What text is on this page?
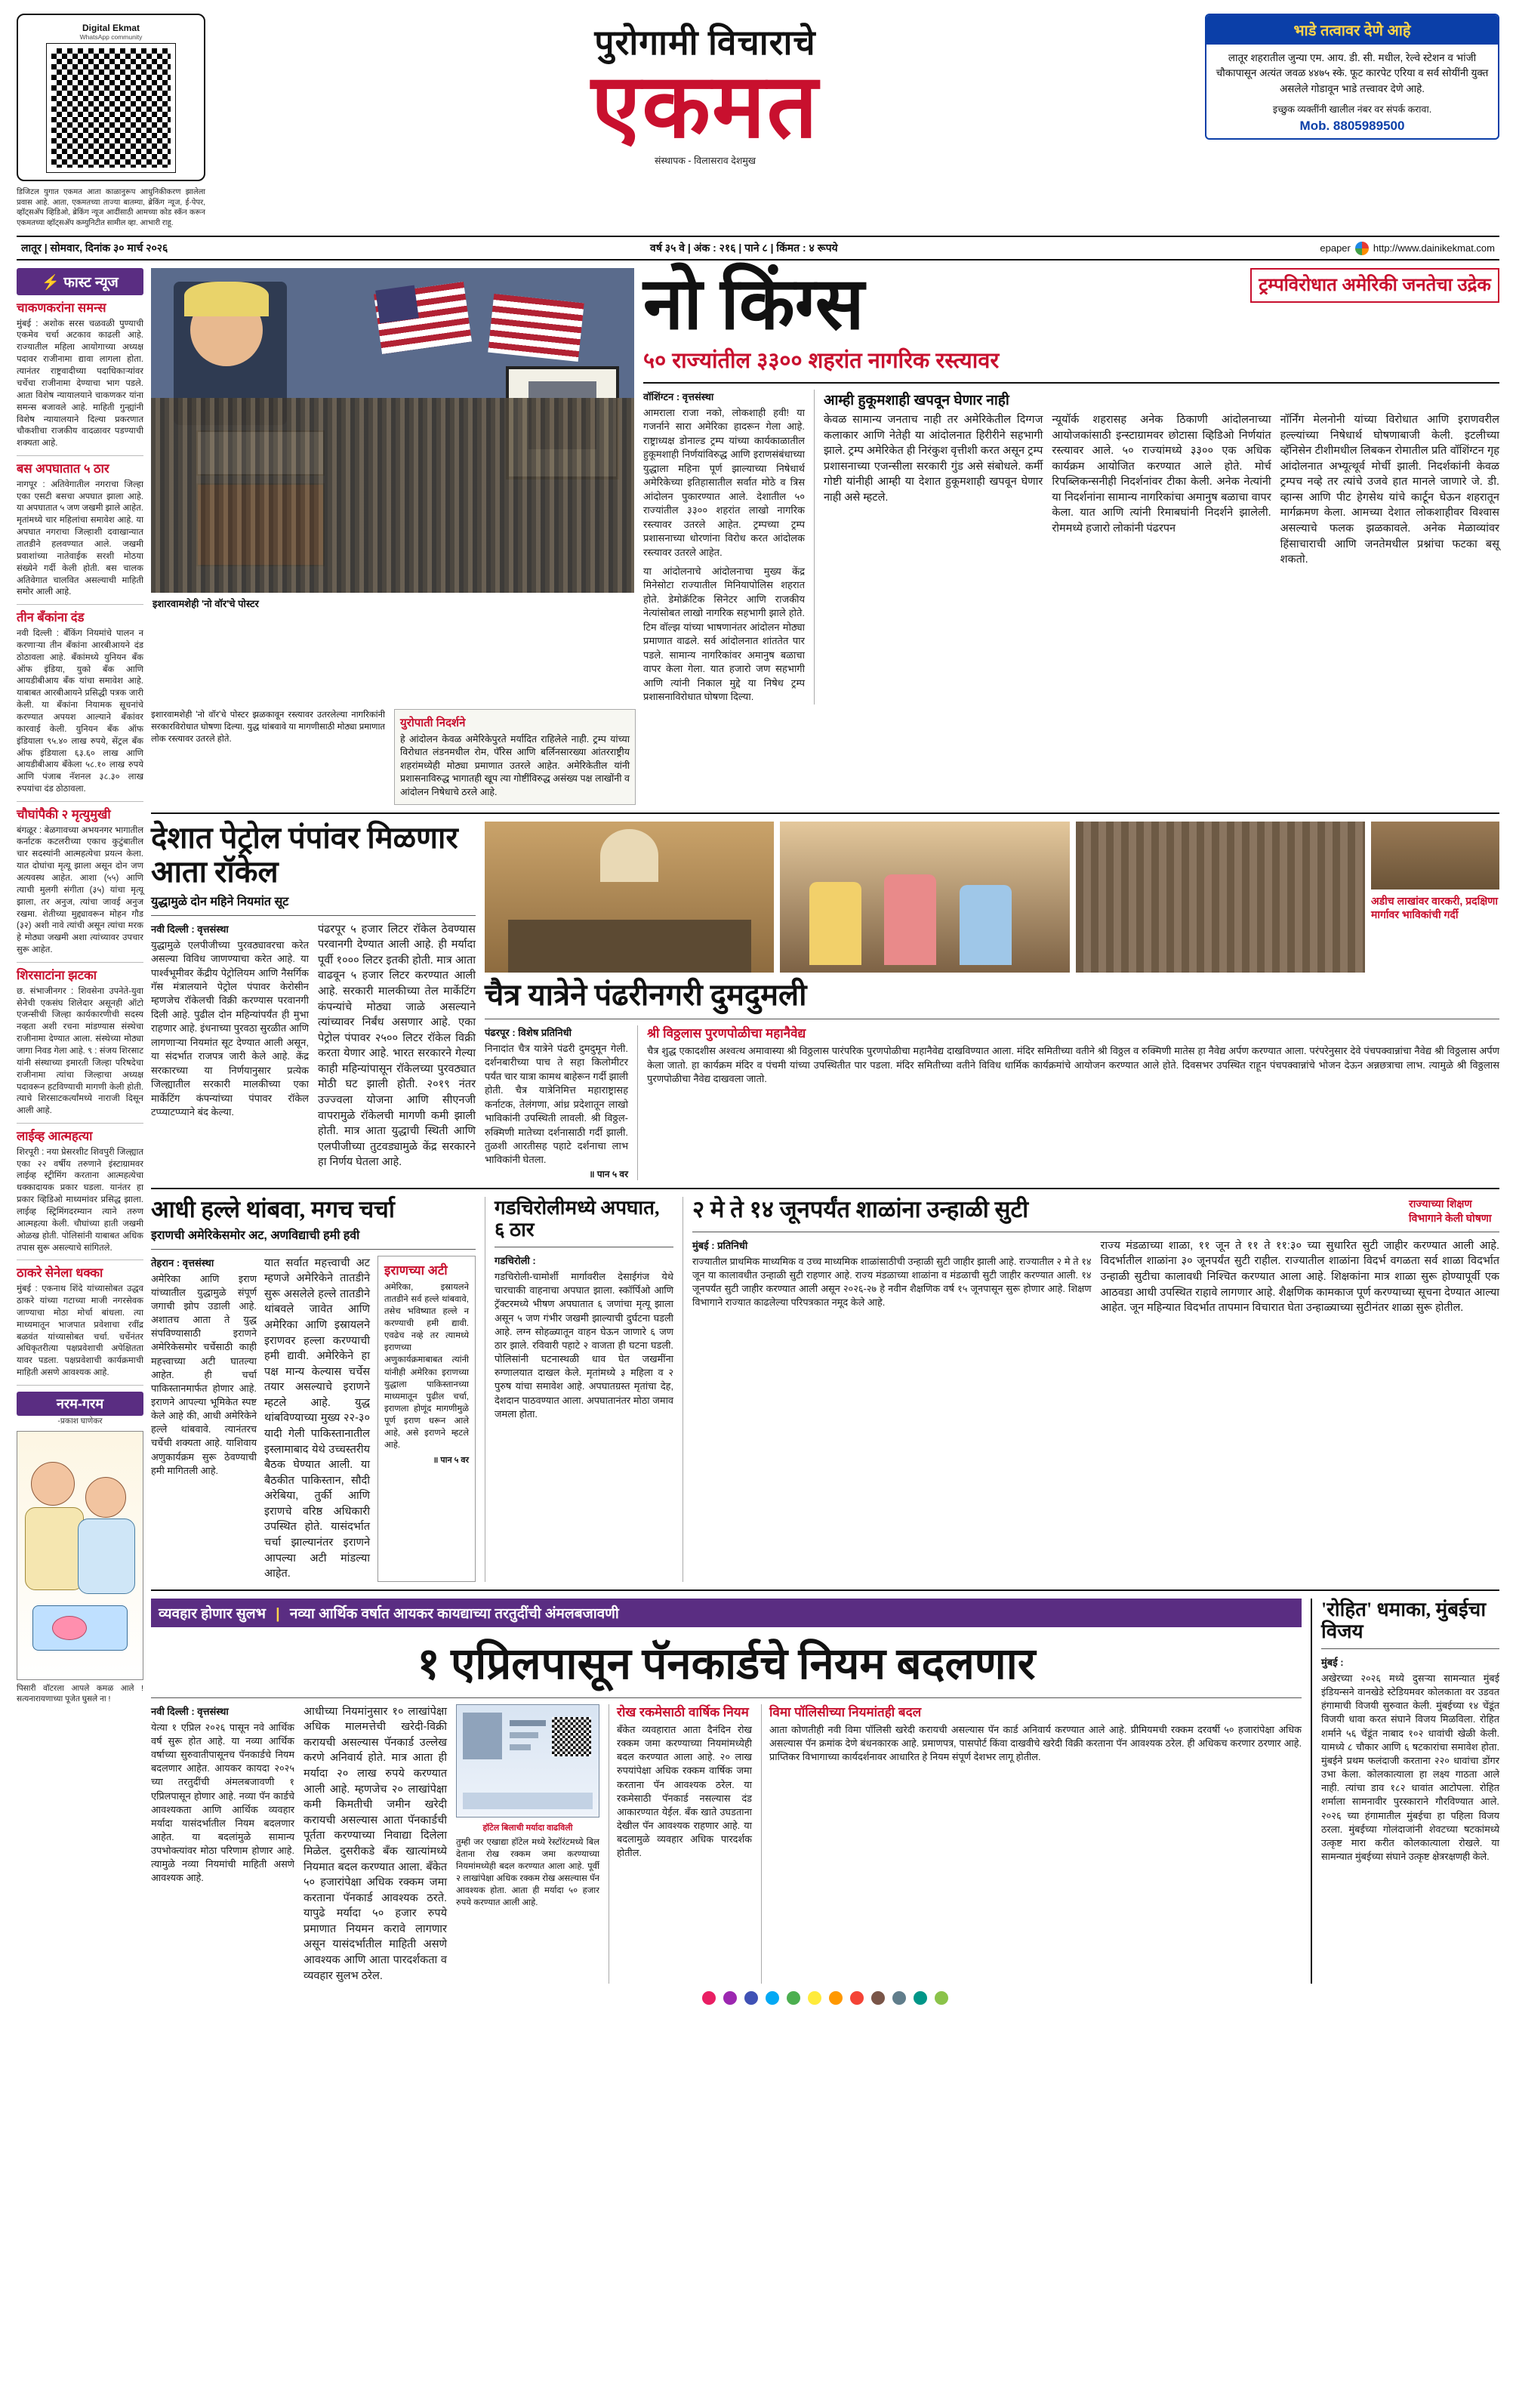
Digital Ekmat
WhatsApp community
डिजिटल युगात एकमत आता काळानुरूप आधुनिकीकरण झालेला प्रवास आहे. आता, एकमतच्या ताज्या बातम्या, ब्रेकिंग न्यूज, ई-पेपर, व्हॉट्सअ‍ॅप व्हिडिओ, ब्रेकिंग न्यूज आदींसाठी आमच्या कोड स्कॅन करून एकमतच्या व्हॉट्सअ‍ॅप कम्युनिटीत सामील व्हा. आभारी राहू.
पुरोगामी विचाराचे
एकमत
संस्थापक - विलासराव देशमुख
भाडे तत्वावर देणे आहे
लातूर शहरातील जुन्या एम. आय. डी. सी. मधील, रेल्वे स्टेशन व भांजी चौकापासून अत्यंत जवळ ४४७५ स्के. फूट कारपेट एरिया व सर्व सोयींनी युक्त असलेले गोडावून भाडे तत्त्वावर देणे आहे.
इच्छुक व्यक्तींनी खालील नंबर वर संपर्क करावा.
Mob. 8805989500
लातूर | सोमवार, दिनांक ३० मार्च २०२६	वर्ष ३५ वे | अंक : २१६ | पाने ८ | किंमत : ४ रूपये	epaper http://www.dainikekmat.com
⚡ फास्ट न्यूज
चाकणकरांना समन्स
मुंबई : अशोक सरस चळवळी पुण्याची एकमेव चर्चा अटकाव काढली आहे. राज्यातील महिला आयोगाच्या अध्यक्ष पदावर राजीनामा द्यावा लागला होता. त्यानंतर राष्ट्रवादीच्या पदाधिकार्‍यांवर चर्चेचा राजीनामा देण्याचा भाग पडले. आता विशेष न्यायालयाने चाकणकर यांना समन्स बजावले आहे. माहिती गुन्ह्यांनी विशेष न्यायालयाने दिल्या प्रकरणात चौकशीचा राजकीय वादळावर पडण्याची शक्यता आहे.
बस अपघातात ५ ठार
नागपूर : अतिवेगातील नगराचा जिल्हा एका एसटी बसचा अपघात झाला आहे. या अपघातात ५ जण जखमी झाले आहेत. मृतांमध्ये चार महिलांचा समावेश आहे. या अपघात नगराचा जिल्हाशी दवाखान्यात तातडीने हलवण्यात आले. जखमी प्रवाशांच्या नातेवाईक सरशी मोठया संख्येने गर्दी केली होती. बस चालक अतिवेगात चालवित असल्याची माहिती समोर आली आहे.
तीन बँकांना दंड
नवी दिल्ली : बँकिंग नियमांचे पालन न करणार्‍या तीन बँकांना आरबीआयने दंड ठोठावला आहे. बँकांमध्ये युनियन बँक ऑफ इंडिया, युको बँक आणि आयडीबीआय बँक यांचा समावेश आहे. याबाबत आरबीआयने प्रसिद्धी पत्रक जारी केली. या बँकांना नियामक सूचनांचे करण्यात अपयश आल्याने बँकांवर कारवाई केली. युनियन बँक ऑफ इंडियाला ९५.४० लाख रुपये, सेंट्रल बँक ऑफ इंडियाला ६३.६० लाख आणि आयडीबीआय बँकेला ५८.१० लाख रुपये आणि पंजाब नॅशनल ३८.३० लाख रुपयांचा दंड ठोठावला.
चौघांपैकी २ मृत्युमुखी
बंगळूर : बेळगावच्या अभयनगर भागातील कर्नाटक कटलरीच्या एकाच कुटुंबातील चार सदस्यांनी आत्महत्येचा प्रयत्न केला. यात दोघांचा मृत्यू झाला असून दोन जण अत्यवस्थ आहेत. आशा (५५) आणि त्याची मुलगी संगीता (३५) यांचा मृत्यू झाला, तर अनुज, त्यांचा जावई अनुज रखमा. शेतीच्या मुद्द्यावरून मोहन गौड (३२) अशी नावे त्यांची असून त्यांचा मरक हे मोठ्या जखमी अशा त्यांच्यावर उपचार सुरू आहेत.
शिरसाटांना झटका
छ. संभाजीनगर : शिवसेना उपनेते-युवा सेनेची एकसंघ शिलेदार असूनही ऑटो एजन्सीची जिल्हा कार्यकारणीची सदस्य नव्हता अशी रचना मांडण्यास संस्थेचा राजीनामा देण्यात आला. संस्थेच्या मोठ्या जागा निवड गेला आहे. ९ : संजय शिरसाट यांनी संस्थाच्या इमारती जिल्हा परिषदेचा राजीनामा त्यांचा जिल्हाचा अध्यक्ष पदावरून हटविण्याची मागणी केली होती. त्याचे शिरसाटकर्त्यांमध्ये नाराजी दिसून आली आहे.
लाईव्ह आत्महत्या
शिरपूरी : नया प्रेसरशीट शिवपुरी जिल्ह्यात एका २२ वर्षीय तरुणाने इंस्टाग्रामवर लाईव्ह स्ट्रीमिंग करताना आत्महत्येचा धक्कादायक प्रकार घडला. यानंतर हा प्रकार व्हिडिओ माध्यमांवर प्रसिद्ध झाला. लाईव्ह स्ट्रिमिंगदरम्यान त्याने तरुण आत्महत्या केली. चौघांच्या हाती जखमी ओळख होती. पोलिसांनी याबाबत अधिक तपास सुरू असल्याचे सांगितले.
ठाकरे सेनेला धक्का
मुंबई : एकनाथ शिंदे यांच्यासोबत उद्धव ठाकरे यांच्या गटाच्या माजी नगरसेवक जाण्याचा मोठा मोर्चा बांधला. त्या माध्यमातून भाजपात प्रवेशाचा रवींद्र बळवंत यांच्यासोबत चर्चा. चर्चेनंतर अधिकृतरीत्या पक्षप्रवेशाची अपेक्षितता यावर पडला. पक्षप्रवेशाची कार्यक्रमाची माहिती असणे आवश्यक आहे.
नरम-गरम
-प्रकाश घाणेकर
पिसारी वॉटरला आपले कमळ आले ! सत्यनारायणाच्या पूजेत घुसले ना !
इशारवामशेही 'नो वॉर'चे पोस्टर
ट्रम्पविरोधात अमेरिकी जनतेचा उद्रेक
नो किंग्स
५० राज्यांतील ३३०० शहरांत नागरिक रस्त्यावर
वॉशिंग्टन : वृत्तसंस्था
आमराला राजा नको, लोकशाही हवी! या गजर्नाने सारा अमेरिका हादरून गेला आहे. राष्ट्राध्यक्ष डोनाल्ड ट्रम्प यांच्या कार्यकाळातील हुकूमशाही निर्णयांविरुद्ध आणि इराणसंबंधाच्या युद्धाला महिना पूर्ण झाल्याच्या निषेधार्थ अमेरिकेच्या इतिहासातील सर्वात मोठे व त्रिस आंदोलन पुकारण्यात आले. देशातील ५० राज्यांतील ३३०० शहरांत लाखो नागरिक रस्त्यावर उतरले आहेत. ट्रम्पच्या ट्रम्प प्रशासनाच्या धोरणांना विरोध करत आंदोलक रस्त्यावर उतरले आहेत.
या आंदोलनाचे आंदोलनाचा मुख्य केंद्र मिनेसोटा राज्यातील मिनियापोलिस शहरात होते. डेमोक्रॅटिक सिनेटर आणि राजकीय नेत्यांसोबत लाखो नागरिक सहभागी झाले होते. टिम वॉल्झ यांच्या भाषणानंतर आंदोलन मोठ्या प्रमाणात वाढले. सर्व आंदोलनात शांततेत पार पडले. सामान्य नागरिकांवर अमानुष बळाचा वापर केला गेला. यात हजारो जण सहभागी आणि त्यांनी निकाल मुद्दे या निषेध ट्रम्प प्रशासनाविरोधात घोषणा दिल्या.
आम्ही हुकूमशाही खपवून घेणार नाही
केवळ सामान्य जनताच नाही तर अमेरिकेतील दिग्गज कलाकार आणि नेतेही या आंदोलनात हिरीरीने सहभागी झाले. ट्रम्प अमेरिकेत ही निरंकुश वृत्तीशी करत असून ट्रम्प प्रशासनाच्या एजन्सीला सरकारी गुंड असे संबोधले. कर्मी गोष्टी यांनीही आम्ही या देशात हुकूमशाही खपवून घेणार नाही असे म्हटले.
न्यूयॉर्क शहरासह अनेक ठिकाणी आंदोलनाच्या आयोजकांसाठी इन्स्टाग्रामवर छोटासा व्हिडिओ निर्णयांत रस्त्यावर आले. ५० राज्यांमध्ये ३३०० एक अधिक कार्यक्रम आयोजित करण्यात आले होते. मोर्च रिपब्लिकन्सनीही निदर्शनांवर टीका केली. अनेक नेत्यांनी या निदर्शनांना सामान्य नागरिकांचा अमानुष बळाचा वापर केला. यात आणि त्यांनी रिमाबघांनी निदर्शने झालेली. रोममध्ये हजारो लोकांनी पंढरपन
नॉर्निंग मेलनोनी यांच्या विरोधात आणि इराणवरील हल्ल्यांच्या निषेधार्थ घोषणाबाजी केली. इटलीच्या व्हॅनिसेन टीशीमधील लिबकन रोमातील प्रति वॉशिंग्टन गृह आंदोलनात अभ्यूत्थूर्व मोर्ची झाली. निदर्शकांनी केवळ ट्रम्पच नव्हे तर त्यांचे उजवे हात मानले जाणारे जे. डी. व्हान्स आणि पीट हेगसेथ यांचे कार्टून घेऊन शहरातून मार्गक्रमण केला. आमच्या देशात लोकशाहीवर विश्वास असल्याचे फलक झळकावले. अनेक मेळाव्यांवर हिंसाचाराची आणि जनतेमधील प्रश्नांचा फटका बसू शकतो.
इशारवामशेही 'नो वॉर'चे पोस्टर झळकावून रस्त्यावर उतरलेल्या नागरिकांनी सरकारविरोधात घोषणा दिल्या. युद्ध थांबवावे या मागणीसाठी मोठ्या प्रमाणात लोक रस्त्यावर उतरले होते.
युरोपाती निदर्शने
हे आंदोलन केवळ अमेरिकेपुरते मर्यादित राहिलेले नाही. ट्रम्प यांच्या विरोधात लंडनमधील रोम, पॅरिस आणि बर्लिनसारख्या आंतरराष्ट्रीय शहरांमध्येही मोठ्या प्रमाणात उतरले आहेत. अमेरिकेतील यांनी प्रशासनाविरुद्ध भागातही खूप त्या गोष्टींविरुद्ध असंख्य पक्ष लाखोंनी व आंदोलन निषेधाचे ठरले आहे.
देशात पेट्रोल पंपांवर मिळणार आता रॉकेल
युद्धामुळे दोन महिने नियमांत सूट
नवी दिल्ली : वृत्तसंस्था
युद्धामुळे एलपीजीच्या पुरवठ्यावरचा करेत असल्या विविध जाणण्याचा करेत आहे. या पार्श्वभूमीवर केंद्रीय पेट्रोलियम आणि नैसर्गिक गॅस मंत्रालयाने पेट्रोल पंपावर केरोसीन म्हणजेच रॉकेलची विक्री करण्यास परवानगी दिली आहे. पुढील दोन महिन्यांपर्यंत ही मुभा राहणार आहे. इंधनाच्या पुरवठा सुरळीत आणि लागणार्‍या नियमांत सूट देण्यात आली असून, या संदर्भात राजपत्र जारी केले आहे. केंद्र सरकारच्या या निर्णयानुसार प्रत्येक जिल्ह्यातील सरकारी मालकीच्या एका मार्केटिंग कंपन्यांच्या पंपावर रॉकेल टप्प्याटप्प्याने बंद केल्या.
पंढरपूर ५ हजार लिटर रॉकेल ठेवण्यास परवानगी देण्यात आली आहे. ही मर्यादा पूर्वी १००० लिटर इतकी होती. मात्र आता वाढवून ५ हजार लिटर करण्यात आली आहे. सरकारी मालकीच्या तेल मार्केटिंग कंपन्यांचे मोठ्या जाळे असल्याने त्यांच्यावर निर्बंध असणार आहे. एका पेट्रोल पंपावर २५०० लिटर रॉकेल विक्री करता येणार आहे. भारत सरकारने गेल्या काही महिन्यांपासून रॉकेलच्या पुरवठ्यात मोठी घट झाली होती. २०१९ नंतर उज्ज्वला योजना आणि सीएनजी वापरामुळे रॉकेलची मागणी कमी झाली होती. मात्र आता युद्धाची स्थिती आणि एलपीजीच्या तुटवड्यामुळे केंद्र सरकारने हा निर्णय घेतला आहे.
अडीच लाखांवर वारकरी, प्रदक्षिणा मार्गावर भाविकांची गर्दी
चैत्र यात्रेने पंढरीनगरी दुमदुमली
पंढरपूर : विशेष प्रतिनिधी
निनादांत चैत्र यात्रेने पंढरी दुमदुमून गेली. दर्शनबारीच्या पाच ते सहा किलोमीटर पर्यंत चार यात्रा कामथ बाहेरून गर्दी झाली होती. चैत्र यात्रेनिमित्त महाराष्ट्रासह कर्नाटक, तेलंगणा, आंध्र प्रदेशातून लाखो भाविकांनी उपस्थिती लावली. श्री विठ्ठल-रुक्मिणी मातेच्या दर्शनासाठी गर्दी झाली. तुळशी आरतीसह पहाटे दर्शनाचा लाभ भाविकांनी घेतला.
॥ पान ५ वर
श्री विठ्ठलास पुरणपोळीचा महानैवेद्य
चैत्र शुद्ध एकादशीस अश्वत्थ अमावास्या श्री विठ्ठलास पारंपरिक पुरणपोळीचा महानैवेद्य दाखविण्यात आला. मंदिर समितीच्या वतीने श्री विठ्ठल व रुक्मिणी मातेस हा नैवेद्य अर्पण करण्यात आला. परंपरेनुसार देवे पंचपक्वान्नांचा नैवेद्य श्री विठ्ठलास अर्पण केला जातो. हा कार्यक्रम मंदिर व पंचमी यांच्या उपस्थितीत पार पडला. मंदिर समितीच्या वतीने विविध धार्मिक कार्यक्रमांचे आयोजन करण्यात आले होते. दिवसभर उपस्थित राहून पंचपक्वान्नांचे भोजन देऊन अन्नछत्राचा लाभ. त्यामुळे श्री विठ्ठलास पुरणपोळीचा नैवेद्य दाखवला जातो.
आधी हल्ले थांबवा, मगच चर्चा
इराणची अमेरिकेसमोर अट, अणविद्याची हमी हवी
तेहरान : वृत्तसंस्था
अमेरिका आणि इराण यांच्यातील युद्धामुळे संपूर्ण जगाची झोप उडाली आहे. अशातच आता ते युद्ध संपविण्यासाठी इराणने अमेरिकेसमोर चर्चेसाठी काही महत्त्वाच्या अटी घातल्या आहेत. ही चर्चा पाकिस्तानमार्फत होणार आहे. इराणने आपल्या भूमिकेत स्पष्ट केले आहे की, आधी अमेरिकेने हल्ले थांबवावे. त्यानंतरच चर्चेची शक्यता आहे. याशिवाय अणुकार्यक्रम सुरू ठेवण्याची हमी मागितली आहे.
यात सर्वात महत्त्वाची अट म्हणजे अमेरिकेने तातडीने सुरू असलेले हल्ले तातडीने थांबवले जावेत आणि अमेरिका आणि इस्रायलने इराणवर हल्ला करण्याची हमी द्यावी. अमेरिकेने हा पक्ष मान्य केल्यास चर्चेस तयार असल्याचे इराणने म्हटले आहे. युद्ध थांबविण्याच्या मुख्य २२-३० यादी गेली पाकिस्तानातील इस्लामाबाद येथे उच्चस्तरीय बैठक घेण्यात आली. या बैठकीत पाकिस्तान, सौदी अरेबिया, तुर्की आणि इराणचे वरिष्ठ अधिकारी उपस्थित होते. यासंदर्भात चर्चा झाल्यानंतर इराणने आपल्या अटी मांडल्या आहेत.
इराणच्या अटी
अमेरिका, इस्रायलने तातडीने सर्व हल्ले थांबवावे, तसेच भविष्यात हल्ले न करण्याची हमी द्यावी. एवढेच नव्हे तर त्यामध्ये इराणच्या अणुकार्यक्रमाबाबत त्यांनी यांनीही अमेरिका इराणच्या युद्धाला पाकिस्तानच्या माध्यमातून पुढील चर्चा, इराणला होणूंद मागणीमुळे पूर्ण इराण धरून आले आहे, असे इराणने म्हटले आहे.
॥ पान ५ वर
गडचिरोलीमध्ये अपघात, ६ ठार
गडचिरोली :
गडचिरोली-चामोर्शी मार्गावरील देसाईगंज येथे चारचाकी वाहनाचा अपघात झाला. स्कॉर्पिओ आणि ट्रॅक्टरमध्ये भीषण अपघातात ६ जणांचा मृत्यू झाला असून ५ जण गंभीर जखमी झाल्याची दुर्घटना घडली आहे. लग्न सोहळ्यातून वाहन घेऊन जाणारे ६ जण ठार झाले. रविवारी पहाटे २ वाजता ही घटना घडली. पोलिसांनी घटनास्थळी धाव घेत जखमींना रुग्णालयात दाखल केले. मृतांमध्ये ३ महिला व २ पुरुष यांचा समावेश आहे. अपघातग्रस्त मृतांचा देह, देशदान पाठवण्यात आला. अपघातानंतर मोठा जमाव जमला होता.
२ मे ते १४ जूनपर्यंत शाळांना उन्हाळी सुटी	राज्याच्या शिक्षण विभागाने केली घोषणा
मुंबई : प्रतिनिधी
राज्यातील प्राथमिक माध्यमिक व उच्च माध्यमिक शाळांसाठीची उन्हाळी सुटी जाहीर झाली आहे. राज्यातील २ मे ते १४ जून या कालावधीत उन्हाळी सुटी राहणार आहे. राज्य मंडळाच्या शाळांना व मंडळाची सुटी जाहीर करण्यात आली. १४ जूनपर्यंत सुटी जाहीर करण्यात आली असून २०२६-२७ हे नवीन शैक्षणिक वर्ष १५ जूनपासून सुरू होणार आहे. शिक्षण विभागाने राज्यात काढलेल्या परिपत्रकात नमूद केले आहे.
राज्य मंडळाच्या शाळा, ११ जून ते ११ ते ११:३० च्या सुधारित सुटी जाहीर करण्यात आली आहे. विदर्भातील शाळांना ३० जूनपर्यंत सुटी राहील. राज्यातील शाळांना विदर्भ वगळता सर्व शाळा विदर्भात उन्हाळी सुटीचा कालावधी निश्चित करण्यात आला आहे. शिक्षकांना मात्र शाळा सुरू होण्यापूर्वी एक आठवडा आधी उपस्थित राहावे लागणार आहे. शैक्षणिक कामकाज पूर्ण करण्याच्या सूचना देण्यात आल्या आहेत. जून महिन्यात विदर्भात तापमान विचारात घेता उन्हाळ्याच्या सुटीनंतर शाळा सुरू होतील.
व्यवहार होणार सुलभ | नव्या आर्थिक वर्षात आयकर कायद्याच्या तरतुदींची अंमलबजावणी
१ एप्रिलपासून पॅनकार्डचे नियम बदलणार
नवी दिल्ली : वृत्तसंस्था
येत्या १ एप्रिल २०२६ पासून नवे आर्थिक वर्ष सुरू होत आहे. या नव्या आर्थिक वर्षाच्या सुरुवातीपासूनच पॅनकार्डचे नियम बदलणार आहेत. आयकर कायदा २०२५ च्या तरतुदींची अंमलबजावणी १ एप्रिलपासून होणार आहे. नव्या पॅन कार्डचे आवश्यकता आणि आर्थिक व्यवहार मर्यादा यासंदर्भातील नियम बदलणार आहेत. या बदलांमुळे सामान्य उपभोक्त्यांवर मोठा परिणाम होणार आहे. त्यामुळे नव्या नियमांची माहिती असणे आवश्यक आहे.
आधीच्या नियमांनुसार १० लाखांपेक्षा अधिक मालमत्तेची खरेदी-विक्री करायची असल्यास पॅनकार्ड उल्लेख करणे अनिवार्य होते. मात्र आता ही मर्यादा २० लाख रुपये करण्यात आली आहे. म्हणजेच २० लाखांपेक्षा कमी किमतीची जमीन खरेदी करायची असल्यास आता पॅनकार्डची पूर्तता करण्याच्या निवाद्या दिलेला मिळेल. दुसरीकडे बँक खात्यांमध्ये नियमात बदल करण्यात आला. बँकेत ५० हजारांपेक्षा अधिक रक्कम जमा करताना पॅनकार्ड आवश्यक ठरते. यापुढे मर्यादा ५० हजार रुपये प्रमाणात नियमन करावे लागणार असून यासंदर्भातील माहिती असणे आवश्यक आणि आता पारदर्शकता व व्यवहार सुलभ ठरेल.
हॉटेल बिलाची मर्यादा वाढविली
तुम्ही जर एखाद्या हॉटेल मध्ये रेस्टॉरंटमध्ये बिल देताना रोख रक्कम जमा करण्याच्या नियमांमध्येही बदल करण्यात आला आहे. पूर्वी २ लाखांपेक्षा अधिक रक्कम रोख असल्यास पॅन आवश्यक होता. आता ही मर्यादा ५० हजार रुपये करण्यात आली आहे.
रोख रकमेसाठी वार्षिक नियम
बँकेत व्यवहारात आता दैनंदिन रोख रक्कम जमा करण्याच्या नियमांमध्येही बदल करण्यात आला आहे. २० लाख रुपयांपेक्षा अधिक रक्कम वार्षिक जमा करताना पॅन आवश्यक ठरेल. या रकमेसाठी पॅनकार्ड नसल्यास दंड आकारण्यात येईल. बँक खाते उघडताना देखील पॅन आवश्यक राहणार आहे. या बदलामुळे व्यवहार अधिक पारदर्शक होतील.
विमा पॉलिसीच्या नियमांतही बदल
आता कोणतीही नवी विमा पॉलिसी खरेदी करायची असल्यास पॅन कार्ड अनिवार्य करण्यात आले आहे. प्रीमियमची रक्कम दरवर्षी ५० हजारांपेक्षा अधिक असल्यास पॅन क्रमांक देणे बंधनकारक आहे. प्रमाणपत्र, पासपोर्ट किंवा दाखवीचे खरेदी विक्री करताना पॅन आवश्यक ठरेल. ही अधिकच करणार ठरणार आहे. प्राप्तिकर विभागाच्या कार्यदर्शनावर आधारित हे नियम संपूर्ण देशभर लागू होतील.
'रोहित' धमाका, मुंबईचा विजय
मुंबई :
अखेरच्या २०२६ मध्ये दुसर्‍या सामन्यात मुंबई इंडियन्सने वानखेडे स्टेडियमवर कोलकाता वर उडवत हंगामाची विजयी सुरुवात केली. मुंबईच्या १४ चेंडूंत विजयी धावा करत संघाने विजय मिळविला. रोहित शर्माने ५६ चेंडूंत नाबाद १०२ धावांची खेळी केली. यामध्ये ८ चौकार आणि ६ षटकारांचा समावेश होता. मुंबईने प्रथम फलंदाजी करताना २२० धावांचा डोंगर उभा केला. कोलकात्याला हा लक्ष्य गाठता आले नाही. त्यांचा डाव १८२ धावांत आटोपला. रोहित शर्माला सामनावीर पुरस्काराने गौरविण्यात आले. २०२६ च्या हंगामातील मुंबईचा हा पहिला विजय ठरला. मुंबईच्या गोलंदाजांनी शेवटच्या षटकांमध्ये उत्कृष्ट मारा करीत कोलकात्याला रोखले. या सामन्यात मुंबईच्या संघाने उत्कृष्ट क्षेत्ररक्षणही केले.
